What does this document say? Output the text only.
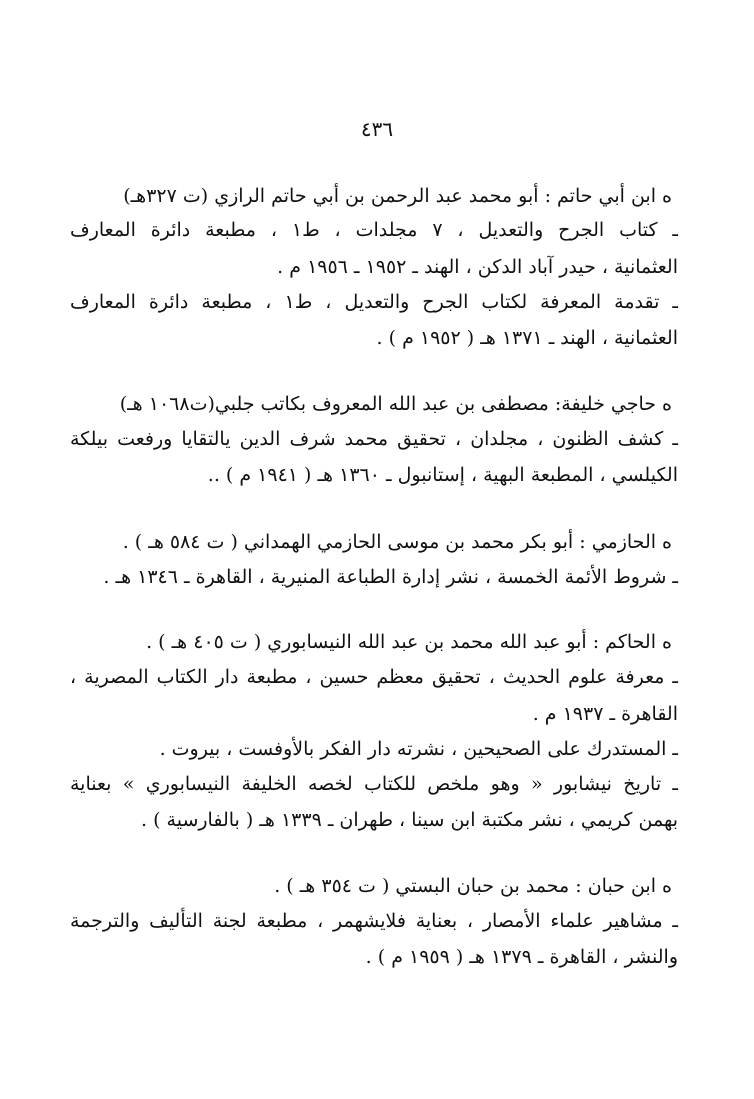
٤٣٦
ه ابن أبي حاتم : أبو محمد عبد الرحمن بن أبي حاتم الرازي (ت ٣٢٧هـ)
ـ كتاب الجرح والتعديل ، ٧ مجلدات ، ط١ ، مطبعة دائرة المعارف
العثمانية ، حيدر آباد الدكن ، الهند ـ ١٩٥٢ ـ ١٩٥٦ م .
ـ تقدمة المعرفة لكتاب الجرح والتعديل ، ط١ ، مطبعة دائرة المعارف
العثمانية ، الهند ـ ١٣٧١ هـ ( ١٩٥٢ م ) .
ه حاجي خليفة: مصطفى بن عبد الله المعروف بكاتب جلبي(ت١٠٦٨ هـ)
ـ كشف الظنون ، مجلدان ، تحقيق محمد شرف الدين يالتقايا ورفعت بيلكة
الكيلسي ، المطبعة البهية ، إستانبول ـ ١٣٦٠ هـ ( ١٩٤١ م ) ..
ه الحازمي : أبو بكر محمد بن موسى الحازمي الهمداني ( ت ٥٨٤ هـ ) .
ـ شروط الأئمة الخمسة ، نشر إدارة الطباعة المنيرية ، القاهرة ـ ١٣٤٦ هـ .
ه الحاكم : أبو عبد الله محمد بن عبد الله النيسابوري ( ت ٤٠٥ هـ ) .
ـ معرفة علوم الحديث ، تحقيق معظم حسين ، مطبعة دار الكتاب المصرية ،
القاهرة ـ ١٩٣٧ م .
ـ المستدرك على الصحيحين ، نشرته دار الفكر بالأوفست ، بيروت .
ـ تاريخ نيشابور « وهو ملخص للكتاب لخصه الخليفة النيسابوري » بعناية
بهمن كريمي ، نشر مكتبة ابن سينا ، طهران ـ ١٣٣٩ هـ ( بالفارسية ) .
ه ابن حبان : محمد بن حبان البستي ( ت ٣٥٤ هـ ) .
ـ مشاهير علماء الأمصار ، بعناية فلايشهمر ، مطبعة لجنة التأليف والترجمة
والنشر ، القاهرة ـ ١٣٧٩ هـ ( ١٩٥٩ م ) .
